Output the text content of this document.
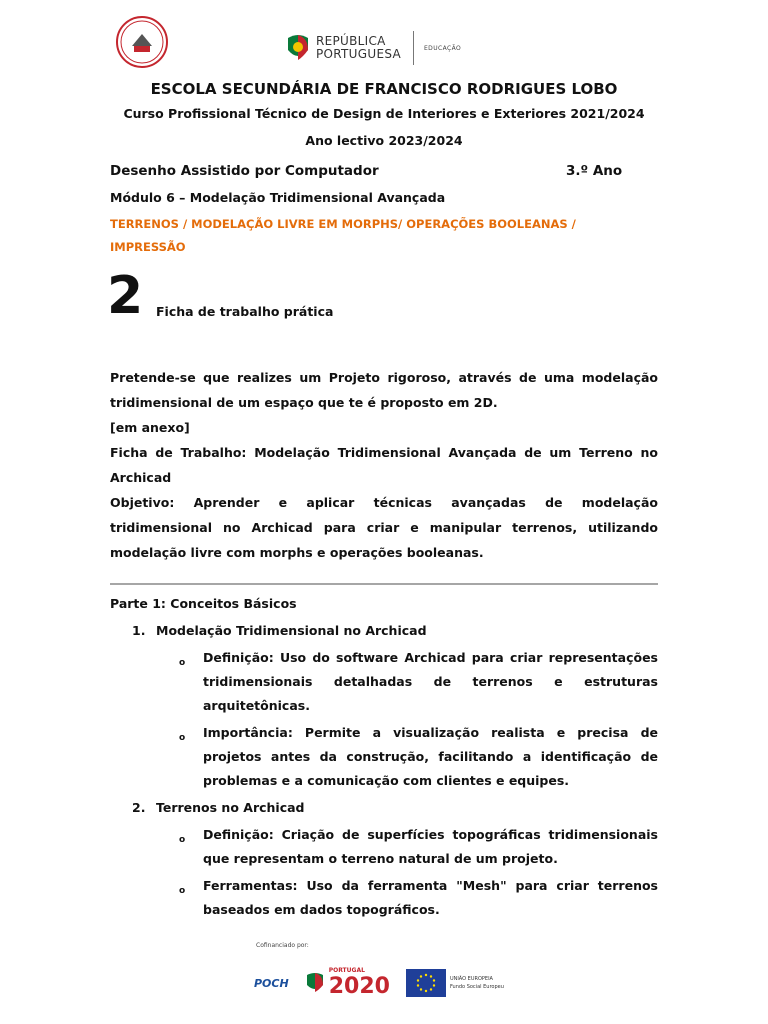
REPÚBLICA
PORTUGUESA	EDUCAÇÃO
ESCOLA SECUNDÁRIA DE FRANCISCO RODRIGUES LOBO
Curso Profissional Técnico de Design de Interiores e Exteriores 2021/2024
Ano lectivo 2023/2024
Desenho Assistido por Computador	3.º Ano
Módulo 6 – Modelação Tridimensional Avançada
TERRENOS / MODELAÇÃO LIVRE EM MORPHS/ OPERAÇÕES BOOLEANAS / IMPRESSÃO
2 Ficha de trabalho prática
Pretende-se que realizes um Projeto rigoroso, através de uma modelação tridimensional de um espaço que te é proposto em 2D.
[em anexo]
Ficha de Trabalho: Modelação Tridimensional Avançada de um Terreno no Archicad
Objetivo: Aprender e aplicar técnicas avançadas de modelação tridimensional no Archicad para criar e manipular terrenos, utilizando modelação livre com morphs e operações booleanas.
Parte 1: Conceitos Básicos
1. Modelação Tridimensional no Archicad
o Definição: Uso do software Archicad para criar representações tridimensionais detalhadas de terrenos e estruturas arquitetônicas.
o Importância: Permite a visualização realista e precisa de projetos antes da construção, facilitando a identificação de problemas e a comunicação com clientes e equipes.
2. Terrenos no Archicad
o Definição: Criação de superfícies topográficas tridimensionais que representam o terreno natural de um projeto.
o Ferramentas: Uso da ferramenta "Mesh" para criar terrenos baseados em dados topográficos.
Cofinanciado por:
POCH
PORTUGAL
2020	UNIÃO EUROPEIA
Fundo Social Europeu
